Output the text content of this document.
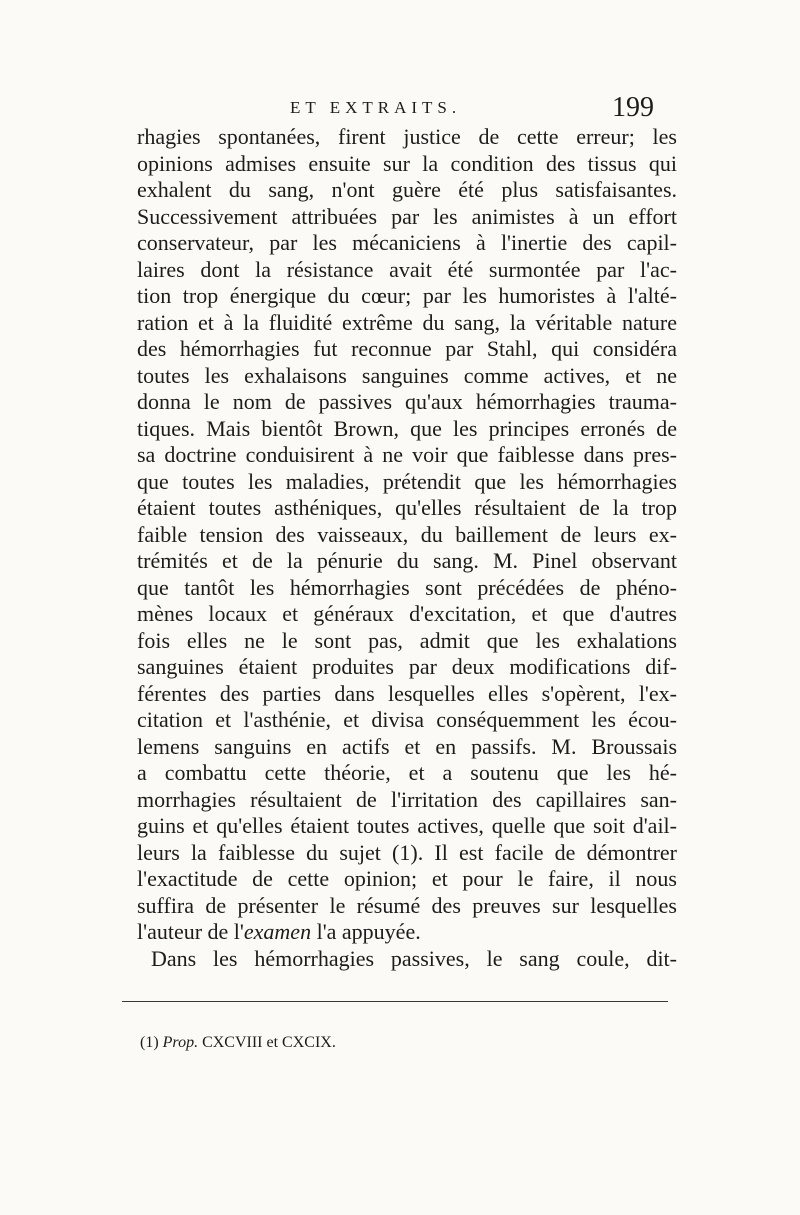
ET EXTRAITS.	199
rhagies spontanées, firent justice de cette erreur; les
opinions admises ensuite sur la condition des tissus qui
exhalent du sang, n'ont guère été plus satisfaisantes.
Successivement attribuées par les animistes à un effort
conservateur, par les mécaniciens à l'inertie des capil-
laires dont la résistance avait été surmontée par l'ac-
tion trop énergique du cœur; par les humoristes à l'alté-
ration et à la fluidité extrême du sang, la véritable nature
des hémorrhagies fut reconnue par Stahl, qui considéra
toutes les exhalaisons sanguines comme actives, et ne
donna le nom de passives qu'aux hémorrhagies trauma-
tiques. Mais bientôt Brown, que les principes erronés de
sa doctrine conduisirent à ne voir que faiblesse dans pres-
que toutes les maladies, prétendit que les hémorrhagies
étaient toutes asthéniques, qu'elles résultaient de la trop
faible tension des vaisseaux, du baillement de leurs ex-
trémités et de la pénurie du sang. M. Pinel observant
que tantôt les hémorrhagies sont précédées de phéno-
mènes locaux et généraux d'excitation, et que d'autres
fois elles ne le sont pas, admit que les exhalations
sanguines étaient produites par deux modifications dif-
férentes des parties dans lesquelles elles s'opèrent, l'ex-
citation et l'asthénie, et divisa conséquemment les écou-
lemens sanguins en actifs et en passifs. M. Broussais
a combattu cette théorie, et a soutenu que les hé-
morrhagies résultaient de l'irritation des capillaires san-
guins et qu'elles étaient toutes actives, quelle que soit d'ail-
leurs la faiblesse du sujet (1). Il est facile de démontrer
l'exactitude de cette opinion; et pour le faire, il nous
suffira de présenter le résumé des preuves sur lesquelles
l'auteur de l'examen l'a appuyée.
Dans les hémorrhagies passives, le sang coule, dit-
(1) Prop. CXCVIII et CXCIX.
